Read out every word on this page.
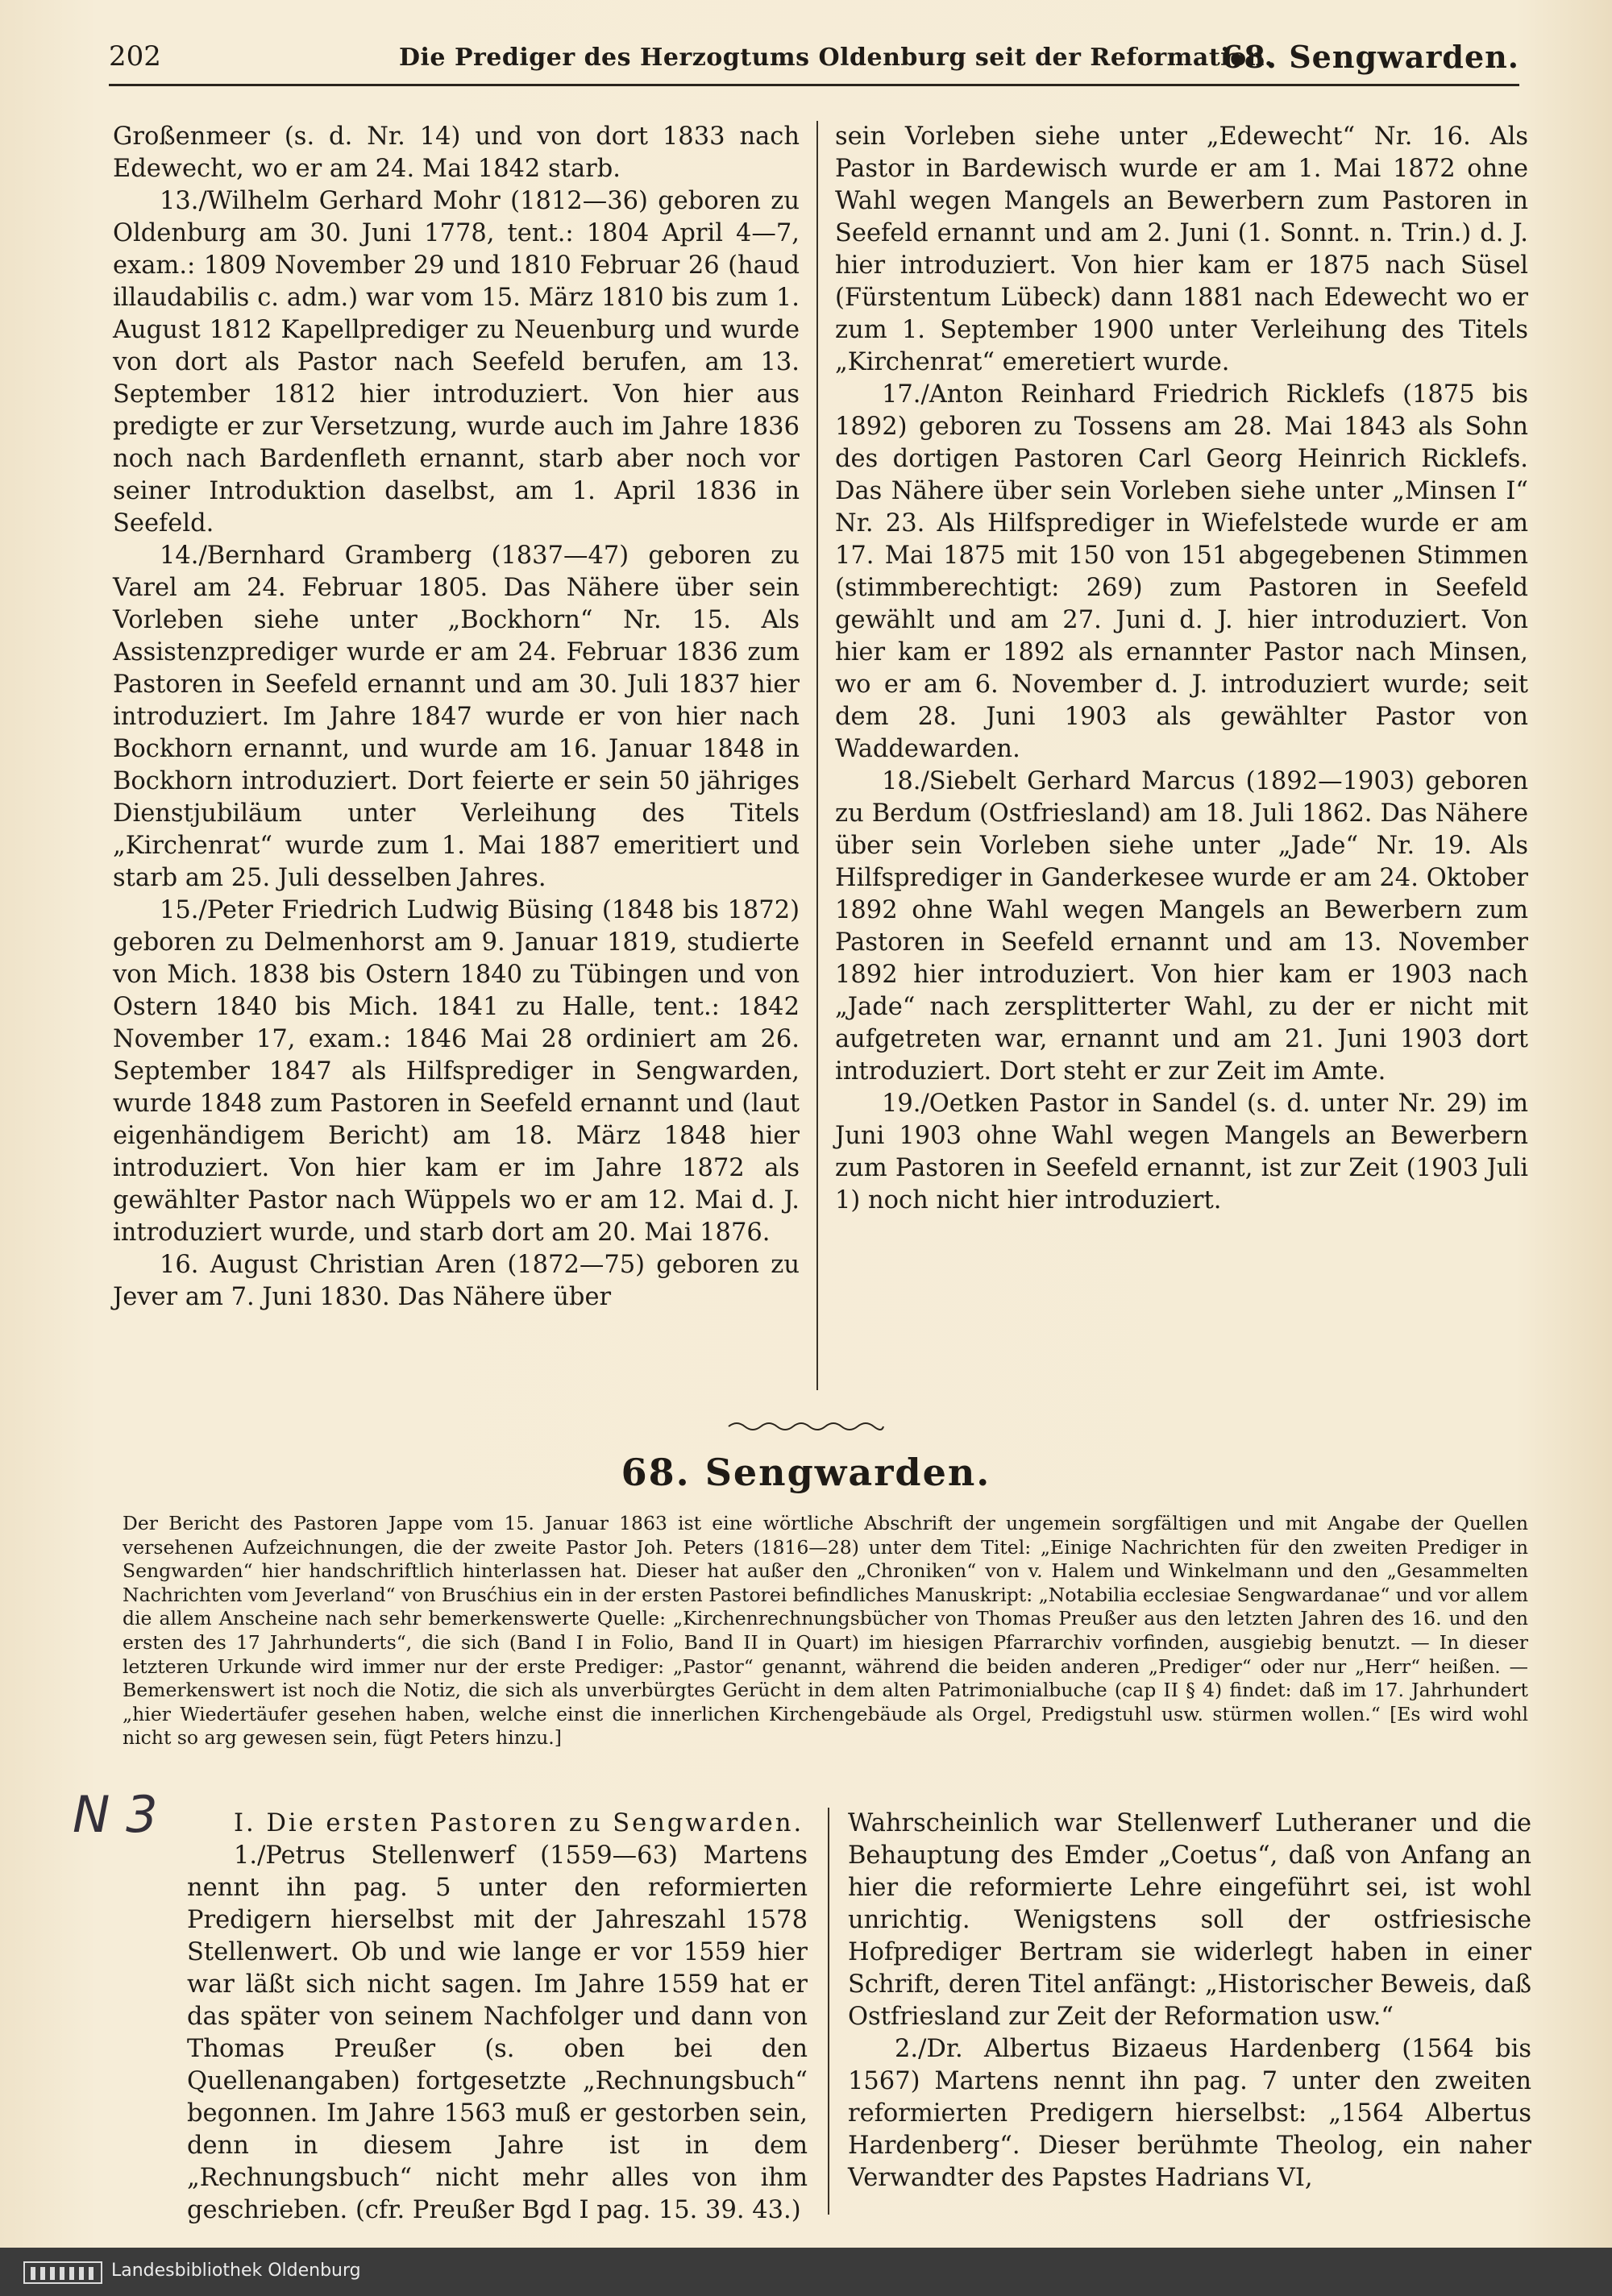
202	Die Prediger des Herzogtums Oldenburg seit der Reformation.
68. Sengwarden.

Großenmeer (s. d. Nr. 14) und von dort 1833 nach Edewecht, wo er am 24. Mai 1842 starb.

13./Wilhelm Gerhard Mohr (1812—36) geboren zu Oldenburg am 30. Juni 1778, tent.: 1804 April 4—7, exam.: 1809 November 29 und 1810 Februar 26 (haud illaudabilis c. adm.) war vom 15. März 1810 bis zum 1. August 1812 Kapellprediger zu Neuenburg und wurde von dort als Pastor nach Seefeld berufen, am 13. September 1812 hier introduziert. Von hier aus predigte er zur Versetzung, wurde auch im Jahre 1836 noch nach Bardenfleth ernannt, starb aber noch vor seiner Introduktion daselbst, am 1. April 1836 in Seefeld.

14./Bernhard Gramberg (1837—47) geboren zu Varel am 24. Februar 1805. Das Nähere über sein Vorleben siehe unter „Bockhorn“ Nr. 15. Als Assistenzprediger wurde er am 24. Februar 1836 zum Pastoren in Seefeld ernannt und am 30. Juli 1837 hier introduziert. Im Jahre 1847 wurde er von hier nach Bockhorn ernannt, und wurde am 16. Januar 1848 in Bockhorn introduziert. Dort feierte er sein 50 jähriges Dienstjubiläum unter Verleihung des Titels „Kirchenrat“ wurde zum 1. Mai 1887 emeritiert und starb am 25. Juli desselben Jahres.

15./Peter Friedrich Ludwig Büsing (1848 bis 1872) geboren zu Delmenhorst am 9. Januar 1819, studierte von Mich. 1838 bis Ostern 1840 zu Tübingen und von Ostern 1840 bis Mich. 1841 zu Halle, tent.: 1842 November 17, exam.: 1846 Mai 28 ordiniert am 26. September 1847 als Hilfsprediger in Sengwarden, wurde 1848 zum Pastoren in Seefeld ernannt und (laut eigenhändigem Bericht) am 18. März 1848 hier introduziert. Von hier kam er im Jahre 1872 als gewählter Pastor nach Wüppels wo er am 12. Mai d. J. introduziert wurde, und starb dort am 20. Mai 1876.

16. August Christian Aren (1872—75) geboren zu Jever am 7. Juni 1830. Das Nähere über

sein Vorleben siehe unter „Edewecht“ Nr. 16. Als Pastor in Bardewisch wurde er am 1. Mai 1872 ohne Wahl wegen Mangels an Bewerbern zum Pastoren in Seefeld ernannt und am 2. Juni (1. Sonnt. n. Trin.) d. J. hier introduziert. Von hier kam er 1875 nach Süsel (Fürstentum Lübeck) dann 1881 nach Edewecht wo er zum 1. September 1900 unter Verleihung des Titels „Kirchenrat“ emeretiert wurde.

17./Anton Reinhard Friedrich Ricklefs (1875 bis 1892) geboren zu Tossens am 28. Mai 1843 als Sohn des dortigen Pastoren Carl Georg Heinrich Ricklefs. Das Nähere über sein Vorleben siehe unter „Minsen I“ Nr. 23. Als Hilfsprediger in Wiefelstede wurde er am 17. Mai 1875 mit 150 von 151 abgegebenen Stimmen (stimmberechtigt: 269) zum Pastoren in Seefeld gewählt und am 27. Juni d. J. hier introduziert. Von hier kam er 1892 als ernannter Pastor nach Minsen, wo er am 6. November d. J. introduziert wurde; seit dem 28. Juni 1903 als gewählter Pastor von Waddewarden.

18./Siebelt Gerhard Marcus (1892—1903) geboren zu Berdum (Ostfriesland) am 18. Juli 1862. Das Nähere über sein Vorleben siehe unter „Jade“ Nr. 19. Als Hilfsprediger in Ganderkesee wurde er am 24. Oktober 1892 ohne Wahl wegen Mangels an Bewerbern zum Pastoren in Seefeld ernannt und am 13. November 1892 hier introduziert. Von hier kam er 1903 nach „Jade“ nach zersplitterter Wahl, zu der er nicht mit aufgetreten war, ernannt und am 21. Juni 1903 dort introduziert. Dort steht er zur Zeit im Amte.

19./Oetken Pastor in Sandel (s. d. unter Nr. 29) im Juni 1903 ohne Wahl wegen Mangels an Bewerbern zum Pastoren in Seefeld ernannt, ist zur Zeit (1903 Juli 1) noch nicht hier introduziert.

68. Sengwarden.

Der Bericht des Pastoren Jappe vom 15. Januar 1863 ist eine wörtliche Abschrift der ungemein sorgfältigen und mit Angabe der Quellen versehenen Aufzeichnungen, die der zweite Pastor Joh. Peters (1816—28) unter dem Titel: „Einige Nachrichten für den zweiten Prediger in Sengwarden“ hier handschriftlich hinterlassen hat. Dieser hat außer den „Chroniken“ von v. Halem und Winkelmann und den „Gesammelten Nachrichten vom Jeverland“ von Brusćhius ein in der ersten Pastorei befindliches Manuskript: „Notabilia ecclesiae Sengwardanae“ und vor allem die allem Anscheine nach sehr bemerkenswerte Quelle: „Kirchenrechnungsbücher von Thomas Preußer aus den letzten Jahren des 16. und den ersten des 17 Jahrhunderts“, die sich (Band I in Folio, Band II in Quart) im hiesigen Pfarrarchiv vorfinden, ausgiebig benutzt. — In dieser letzteren Urkunde wird immer nur der erste Prediger: „Pastor“ genannt, während die beiden anderen „Prediger“ oder nur „Herr“ heißen. — Bemerkenswert ist noch die Notiz, die sich als unverbürgtes Gerücht in dem alten Patrimonialbuche (cap II § 4) findet: daß im 17. Jahrhundert „hier Wiedertäufer gesehen haben, welche einst die innerlichen Kirchengebäude als Orgel, Predigstuhl usw. stürmen wollen.“ [Es wird wohl nicht so arg gewesen sein, fügt Peters hinzu.]

N 3	I. Die ersten Pastoren zu Sengwarden.

1./Petrus Stellenwerf (1559—63) Martens nennt ihn pag. 5 unter den reformierten Predigern hierselbst mit der Jahreszahl 1578 Stellenwert. Ob und wie lange er vor 1559 hier war läßt sich nicht sagen. Im Jahre 1559 hat er das später von seinem Nachfolger und dann von Thomas Preußer (s. oben bei den Quellenangaben) fortgesetzte „Rechnungsbuch“ begonnen. Im Jahre 1563 muß er gestorben sein, denn in diesem Jahre ist in dem „Rechnungsbuch“ nicht mehr alles von ihm geschrieben. (cfr. Preußer Bgd I pag. 15. 39. 43.)

Wahrscheinlich war Stellenwerf Lutheraner und die Behauptung des Emder „Coetus“, daß von Anfang an hier die reformierte Lehre eingeführt sei, ist wohl unrichtig. Wenigstens soll der ostfriesische Hofprediger Bertram sie widerlegt haben in einer Schrift, deren Titel anfängt: „Historischer Beweis, daß Ostfriesland zur Zeit der Reformation usw.“

2./Dr. Albertus Bizaeus Hardenberg (1564 bis 1567) Martens nennt ihn pag. 7 unter den zweiten reformierten Predigern hierselbst: „1564 Albertus Hardenberg“. Dieser berühmte Theolog, ein naher Verwandter des Papstes Hadrians VI,

Landesbibliothek Oldenburg
